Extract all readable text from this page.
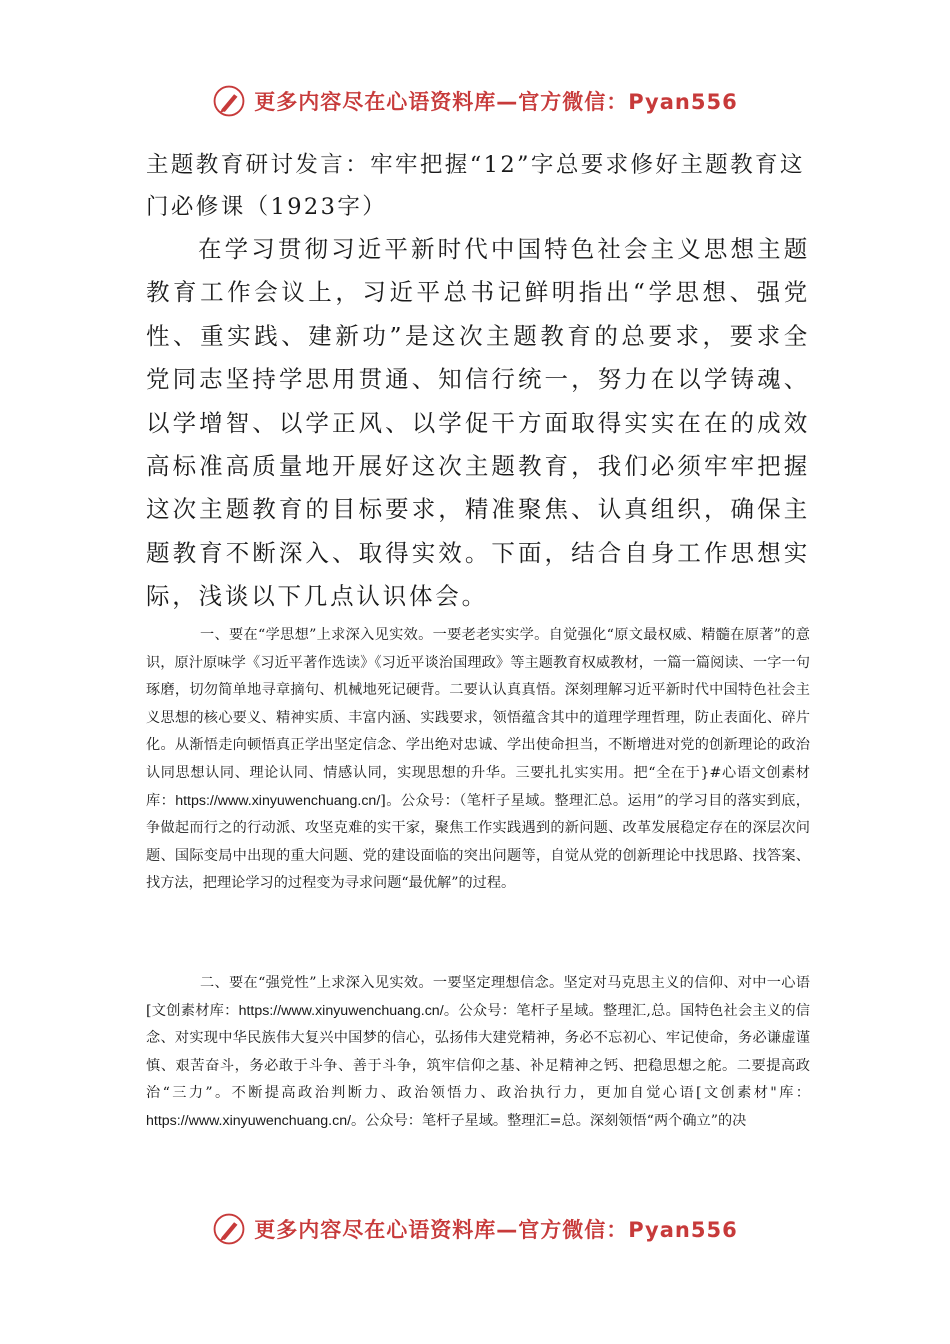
更多内容尽在心语资料库—官方微信：Pyan556
主题教育研讨发言：牢牢把握“12”字总要求修好主题教育这门必修课（1923字）
在学习贯彻习近平新时代中国特色社会主义思想主题教育工作会议上，习近平总书记鲜明指出“学思想、强党性、重实践、建新功”是这次主题教育的总要求，要求全党同志坚持学思用贯通、知信行统一，努力在以学铸魂、以学增智、以学正风、以学促干方面取得实实在在的成效高标准高质量地开展好这次主题教育，我们必须牢牢把握这次主题教育的目标要求，精准聚焦、认真组织，确保主题教育不断深入、取得实效。下面，结合自身工作思想实际，浅谈以下几点认识体会。
一、要在“学思想”上求深入见实效。一要老老实实学。自觉强化“原文最权威、精髓在原著”的意识，原汁原味学《习近平著作选读》《习近平谈治国理政》等主题教育权威教材，一篇一篇阅读、一字一句琢磨，切勿简单地寻章摘句、机械地死记硬背。二要认认真真悟。深刻理解习近平新时代中国特色社会主义思想的核心要义、精神实质、丰富内涵、实践要求，领悟蕴含其中的道理学理哲理，防止表面化、碎片化。从渐悟走向顿悟真正学出坚定信念、学出绝对忠诚、学出使命担当，不断增进对党的创新理论的政治认同思想认同、理论认同、情感认同，实现思想的升华。三要扎扎实实用。把“全在于}#心语文创素材库：https://www.xinyuwenchuang.cn/]。公众号：（笔杆子星域。整理汇总。运用”的学习目的落实到底，争做起而行之的行动派、攻坚克难的实干家，聚焦工作实践遇到的新问题、改革发展稳定存在的深层次问题、国际变局中出现的重大问题、党的建设面临的突出问题等，自觉从党的创新理论中找思路、找答案、找方法，把理论学习的过程变为寻求问题“最优解”的过程。
二、要在“强党性”上求深入见实效。一要坚定理想信念。坚定对马克思主义的信仰、对中一心语[文创素材库：https://www.xinyuwenchuang.cn/。公众号：笔杆子星域。整理汇,总。国特色社会主义的信念、对实现中华民族伟大复兴中国梦的信心，弘扬伟大建党精神，务必不忘初心、牢记使命，务必谦虚谨慎、艰苦奋斗，务必敢于斗争、善于斗争，筑牢信仰之基、补足精神之钙、把稳思想之舵。二要提高政治“三力”。不断提高政治判断力、政治领悟力、政治执行力，更加自觉心语[文创素材"库：https://www.xinyuwenchuang.cn/。公众号：笔杆子星域。整理汇=总。深刻领悟“两个确立”的决
更多内容尽在心语资料库—官方微信：Pyan556
